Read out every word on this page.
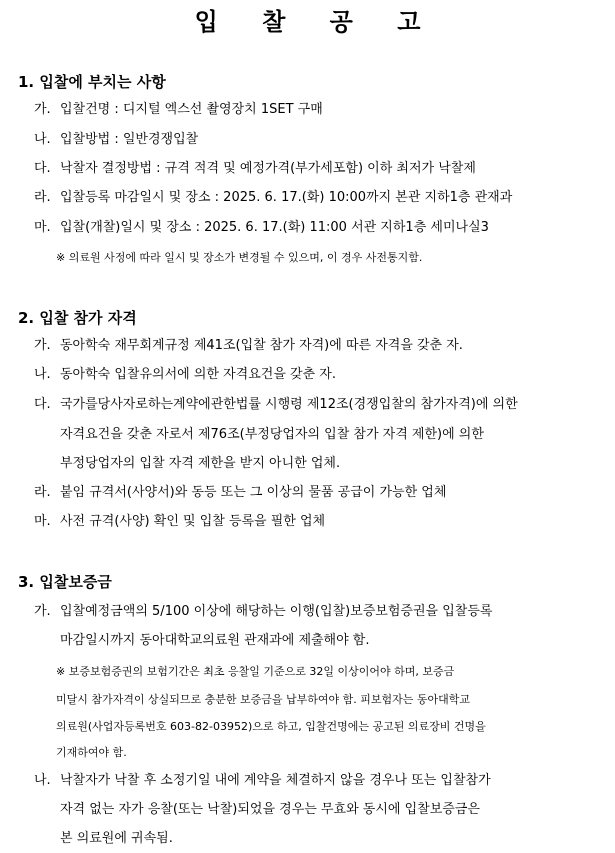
입 찰 공 고
1. 입찰에 부치는 사항
가. 입찰건명 : 디지털 엑스선 촬영장치 1SET 구매
나. 입찰방법 : 일반경쟁입찰
다. 낙찰자 결정방법 : 규격 적격 및 예정가격(부가세포함) 이하 최저가 낙찰제
라. 입찰등록 마감일시 및 장소 : 2025. 6. 17.(화) 10:00까지 본관 지하1층 관재과
마. 입찰(개찰)일시 및 장소 : 2025. 6. 17.(화) 11:00 서관 지하1층 세미나실3
※ 의료원 사정에 따라 일시 및 장소가 변경될 수 있으며, 이 경우 사전통지함.
2. 입찰 참가 자격
가. 동아학숙 재무회계규정 제41조(입찰 참가 자격)에 따른 자격을 갖춘 자.
나. 동아학숙 입찰유의서에 의한 자격요건을 갖춘 자.
다. 국가를당사자로하는계약에관한법률 시행령 제12조(경쟁입찰의 참가자격)에 의한
자격요건을 갖춘 자로서 제76조(부정당업자의 입찰 참가 자격 제한)에 의한
부정당업자의 입찰 자격 제한을 받지 아니한 업체.
라. 붙임 규격서(사양서)와 동등 또는 그 이상의 물품 공급이 가능한 업체
마. 사전 규격(사양) 확인 및 입찰 등록을 필한 업체
3. 입찰보증금
가. 입찰예정금액의 5/100 이상에 해당하는 이행(입찰)보증보험증권을 입찰등록
마감일시까지 동아대학교의료원 관재과에 제출해야 함.
※ 보증보험증권의 보험기간은 최초 응찰일 기준으로 32일 이상이어야 하며, 보증금
미달시 참가자격이 상실되므로 충분한 보증금을 납부하여야 함. 피보험자는 동아대학교
의료원(사업자등록번호 603-82-03952)으로 하고, 입찰건명에는 공고된 의료장비 건명을
기재하여야 함.
나. 낙찰자가 낙찰 후 소정기일 내에 계약을 체결하지 않을 경우나 또는 입찰참가
자격 없는 자가 응찰(또는 낙찰)되었을 경우는 무효와 동시에 입찰보증금은
본 의료원에 귀속됨.
